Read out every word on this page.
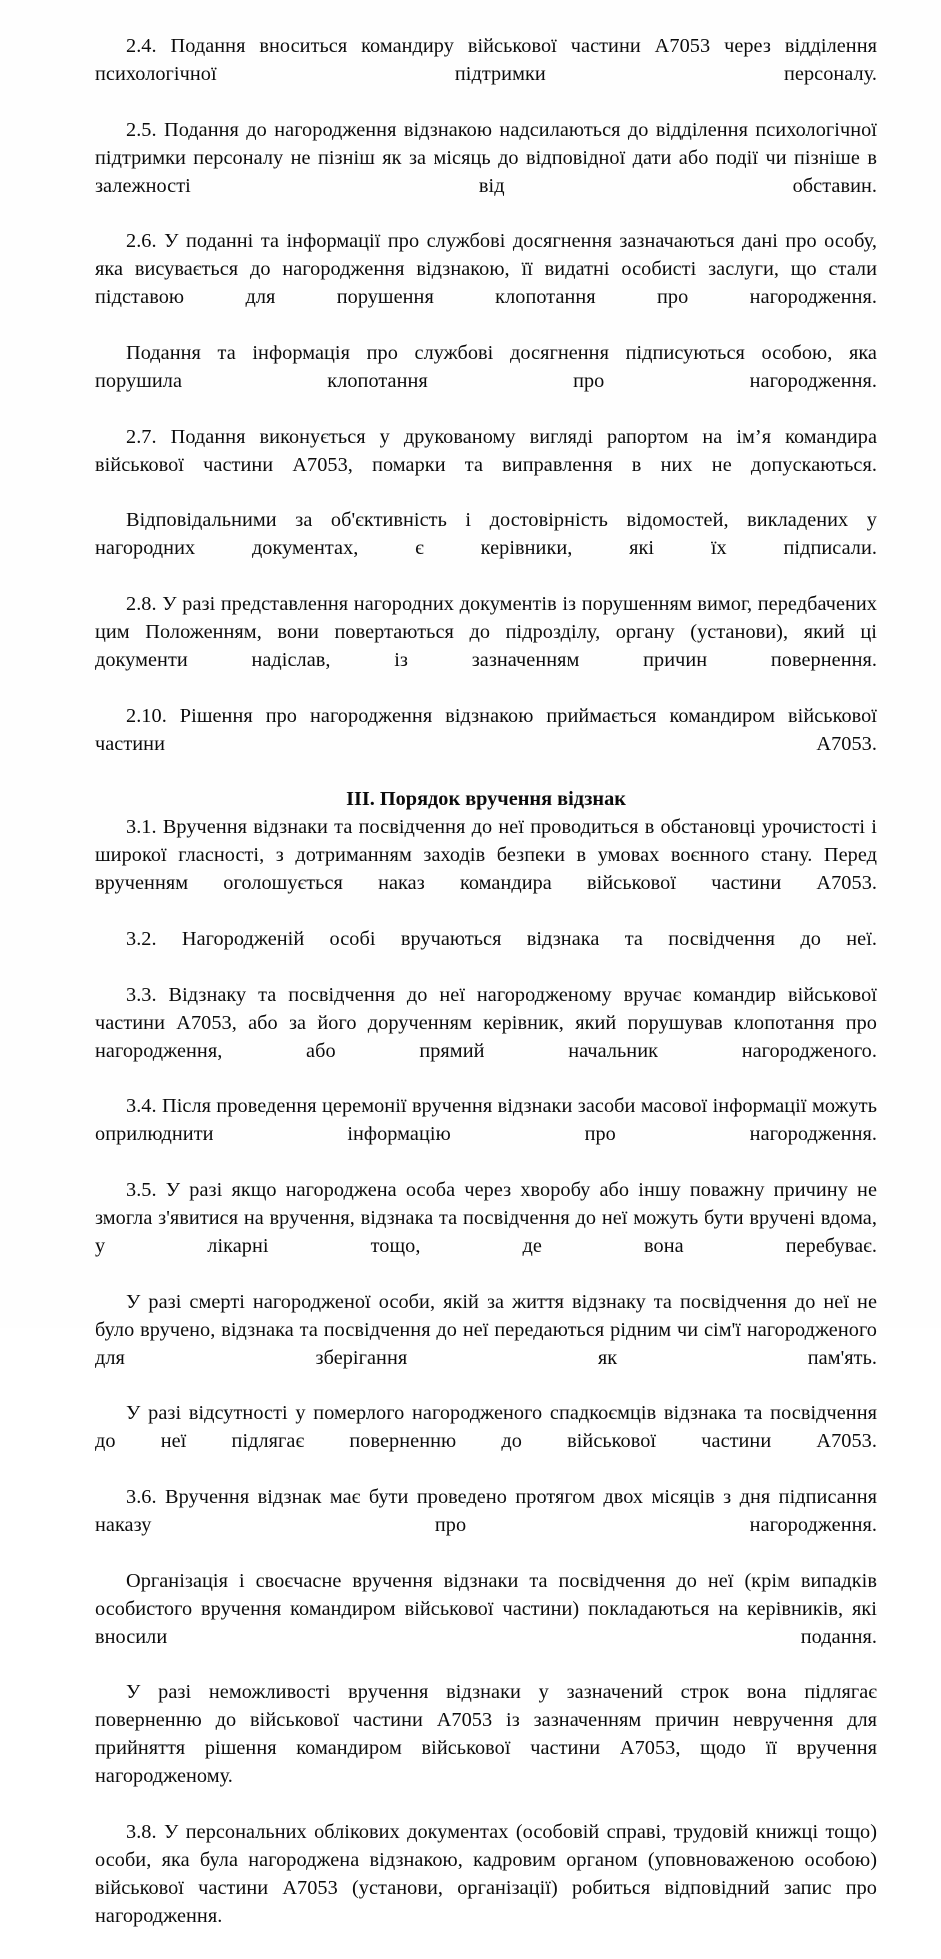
2.4. Подання вноситься командиру військової частини А7053 через відділення психологічної підтримки персоналу.

2.5. Подання до нагородження відзнакою надсилаються до відділення психологічної підтримки персоналу не пізніш як за місяць до відповідної дати або події чи пізніше в залежності від обставин.

2.6. У поданні та інформації про службові досягнення зазначаються дані про особу, яка висувається до нагородження відзнакою, її видатні особисті заслуги, що стали підставою для порушення клопотання про нагородження.

Подання та інформація про службові досягнення підписуються особою, яка порушила клопотання про нагородження.

2.7. Подання виконується у друкованому вигляді рапортом на ім’я командира військової частини А7053, помарки та виправлення в них не допускаються.

Відповідальними за об'єктивність і достовірність відомостей, викладених у нагородних документах, є керівники, які їх підписали.

2.8. У разі представлення нагородних документів із порушенням вимог, передбачених цим Положенням, вони повертаються до підрозділу, органу (установи), який ці документи надіслав, із зазначенням причин повернення.

2.10. Рішення про нагородження відзнакою приймається командиром військової частини А7053.

III. Порядок вручення відзнак

3.1. Вручення відзнаки та посвідчення до неї проводиться в обстановці урочистості і широкої гласності, з дотриманням заходів безпеки в умовах воєнного стану. Перед врученням оголошується наказ командира військової частини А7053.

3.2. Нагородженій особі вручаються відзнака та посвідчення до неї.

3.3. Відзнаку та посвідчення до неї нагородженому вручає командир військової частини А7053, або за його дорученням керівник, який порушував клопотання про нагородження, або прямий начальник нагородженого.

3.4. Після проведення церемонії вручення відзнаки засоби масової інформації можуть оприлюднити інформацію про нагородження.

3.5. У разі якщо нагороджена особа через хворобу або іншу поважну причину не змогла з'явитися на вручення, відзнака та посвідчення до неї можуть бути вручені вдома, у лікарні тощо, де вона перебуває.

У разі смерті нагородженої особи, якій за життя відзнаку та посвідчення до неї не було вручено, відзнака та посвідчення до неї передаються рідним чи сім'ї нагородженого для зберігання як пам'ять.

У разі відсутності у померлого нагородженого спадкоємців відзнака та посвідчення до неї підлягає поверненню до військової частини А7053.

3.6. Вручення відзнак має бути проведено протягом двох місяців з дня підписання наказу про нагородження.

Організація і своєчасне вручення відзнаки та посвідчення до неї (крім випадків особистого вручення командиром військової частини) покладаються на керівників, які вносили подання.

У разі неможливості вручення відзнаки у зазначений строк вона підлягає поверненню до військової частини А7053 із зазначенням причин невручення для прийняття рішення командиром військової частини А7053, щодо її вручення нагородженому.

3.8. У персональних облікових документах (особовій справі, трудовій книжці тощо) особи, яка була нагороджена відзнакою, кадровим органом (уповноваженою особою) військової частини А7053 (установи, організації) робиться відповідний запис про нагородження.
